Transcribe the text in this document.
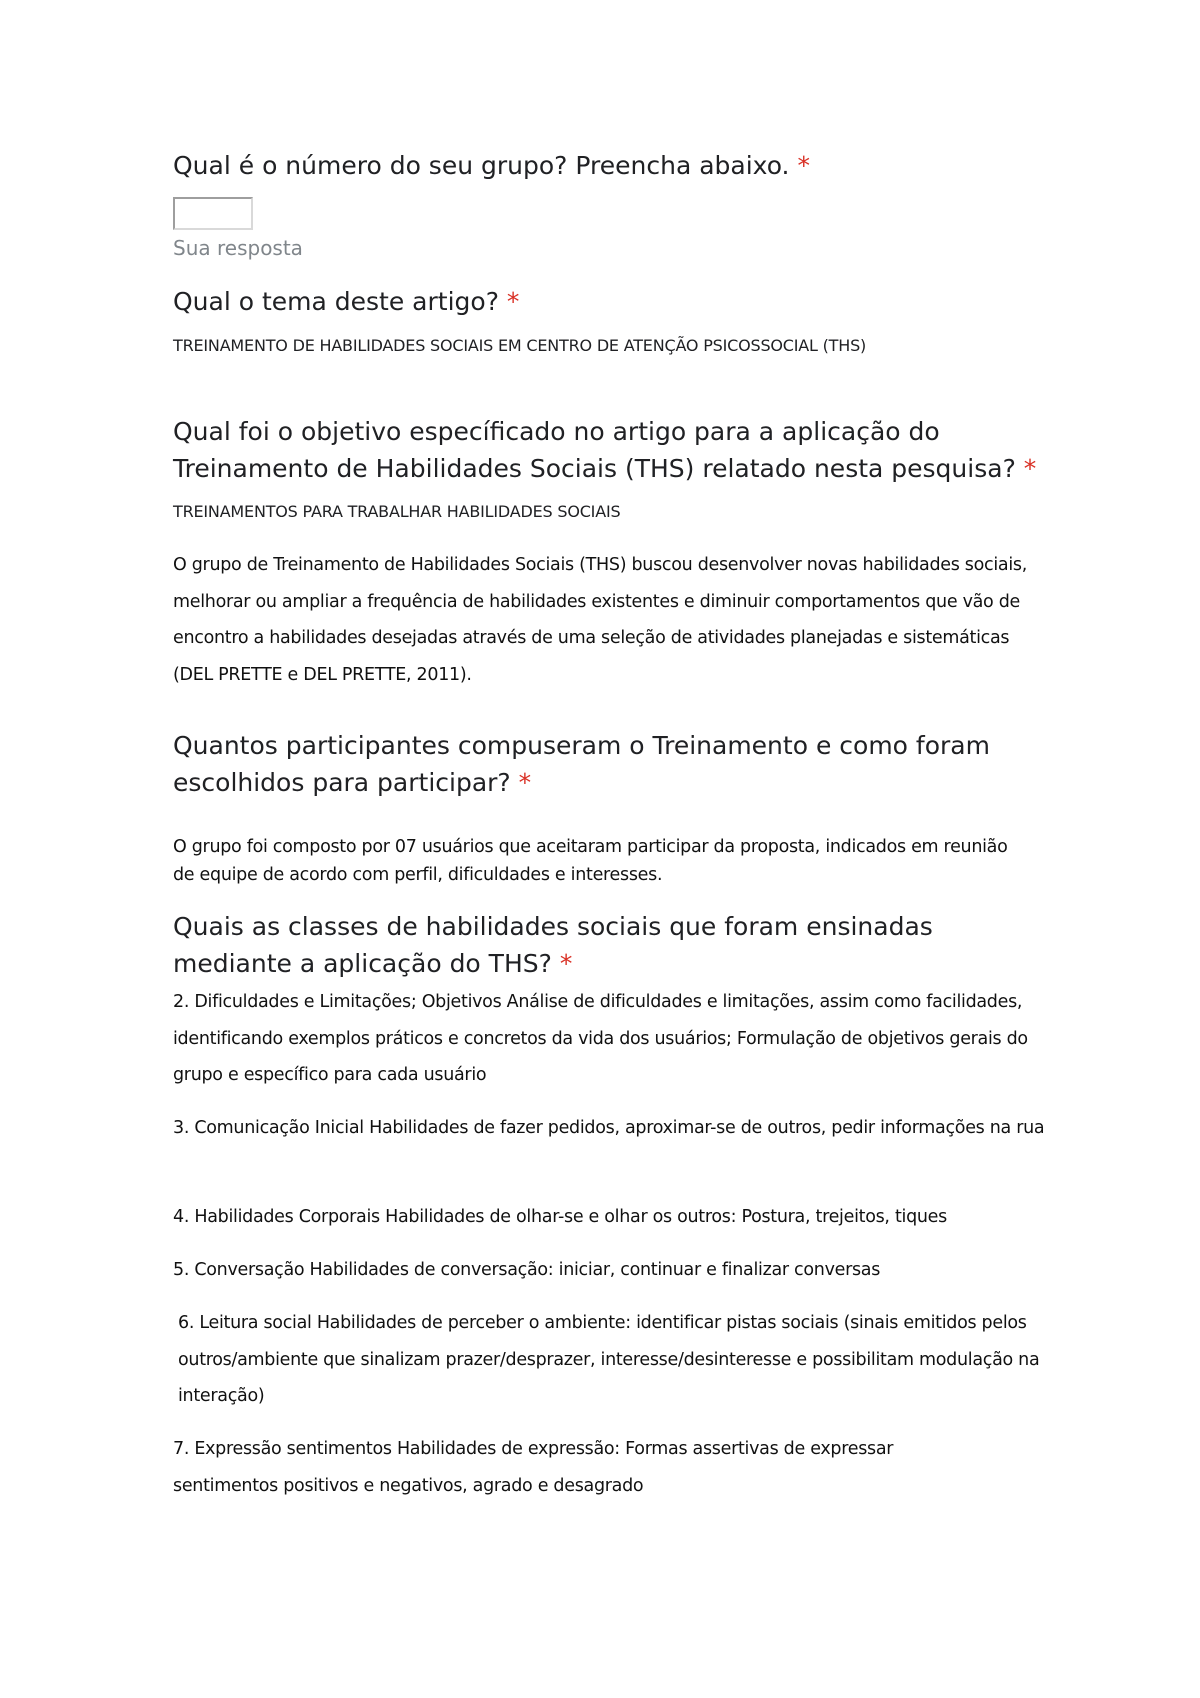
Qual é o número do seu grupo? Preencha abaixo. *
Sua resposta
Qual o tema deste artigo? *
TREINAMENTO DE HABILIDADES SOCIAIS EM CENTRO DE ATENÇÃO PSICOSSOCIAL (THS)
Qual foi o objetivo específicado no artigo para a aplicação do Treinamento de Habilidades Sociais (THS) relatado nesta pesquisa? *
TREINAMENTOS PARA TRABALHAR HABILIDADES SOCIAIS
O grupo de Treinamento de Habilidades Sociais (THS) buscou desenvolver novas habilidades sociais, melhorar ou ampliar a frequência de habilidades existentes e diminuir comportamentos que vão de encontro a habilidades desejadas através de uma seleção de atividades planejadas e sistemáticas (DEL PRETTE e DEL PRETTE, 2011).
Quantos participantes compuseram o Treinamento e como foram escolhidos para participar? *
O grupo foi composto por 07 usuários que aceitaram participar da proposta, indicados em reunião de equipe de acordo com perfil, dificuldades e interesses.
Quais as classes de habilidades sociais que foram ensinadas mediante a aplicação do THS? *
2. Dificuldades e Limitações; Objetivos Análise de dificuldades e limitações, assim como facilidades, identificando exemplos práticos e concretos da vida dos usuários; Formulação de objetivos gerais do grupo e específico para cada usuário
3. Comunicação Inicial Habilidades de fazer pedidos, aproximar-se de outros, pedir informações na rua
4. Habilidades Corporais Habilidades de olhar-se e olhar os outros: Postura, trejeitos, tiques
5. Conversação Habilidades de conversação: iniciar, continuar e finalizar conversas
6. Leitura social Habilidades de perceber o ambiente: identificar pistas sociais (sinais emitidos pelos outros/ambiente que sinalizam prazer/desprazer, interesse/desinteresse e possibilitam modulação na interação)
7. Expressão sentimentos Habilidades de expressão: Formas assertivas de expressar sentimentos positivos e negativos, agrado e desagrado
